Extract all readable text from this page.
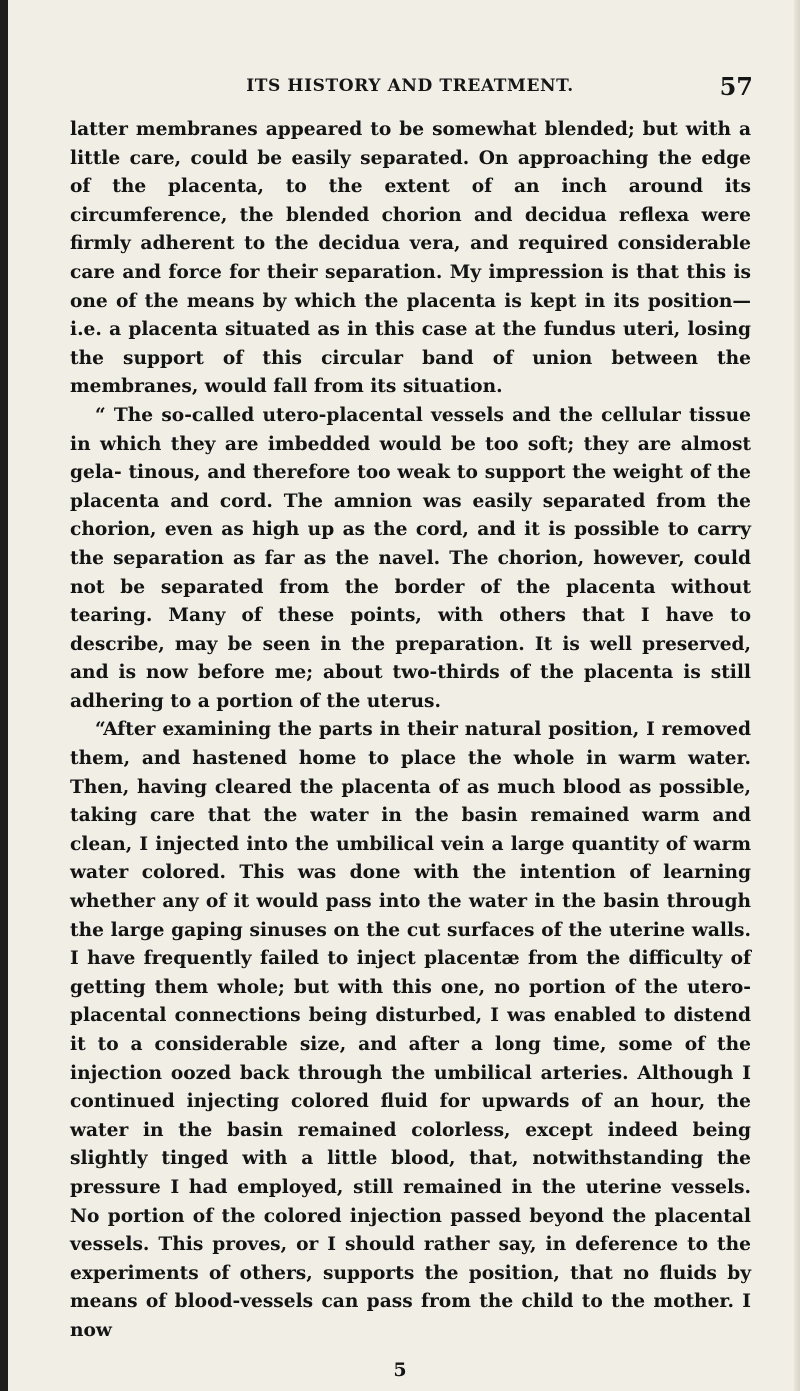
ITS HISTORY AND TREATMENT.	57

latter membranes appeared to be somewhat blended; but with a little care, could be easily separated. On approaching the edge of the placenta, to the extent of an inch around its circumference, the blended chorion and decidua reflexa were firmly adherent to the decidua vera, and required considerable care and force for their separation. My impression is that this is one of the means by which the placenta is kept in its position—i.e. a placenta situated as in this case at the fundus uteri, losing the support of this circular band of union between the membranes, would fall from its situation.

“ The so-called utero-placental vessels and the cellular tissue in which they are imbedded would be too soft; they are almost gela- tinous, and therefore too weak to support the weight of the placenta and cord. The amnion was easily separated from the chorion, even as high up as the cord, and it is possible to carry the separation as far as the navel. The chorion, however, could not be separated from the border of the placenta without tearing. Many of these points, with others that I have to describe, may be seen in the preparation. It is well preserved, and is now before me; about two-thirds of the placenta is still adhering to a portion of the uterus.

“After examining the parts in their natural position, I removed them, and hastened home to place the whole in warm water. Then, having cleared the placenta of as much blood as possible, taking care that the water in the basin remained warm and clean, I injected into the umbilical vein a large quantity of warm water colored. This was done with the intention of learning whether any of it would pass into the water in the basin through the large gaping sinuses on the cut surfaces of the uterine walls. I have frequently failed to inject placentæ from the difficulty of getting them whole; but with this one, no portion of the utero-placental connections being disturbed, I was enabled to distend it to a considerable size, and after a long time, some of the injection oozed back through the umbilical arteries. Although I continued injecting colored fluid for upwards of an hour, the water in the basin remained colorless, except indeed being slightly tinged with a little blood, that, notwithstanding the pressure I had employed, still remained in the uterine vessels. No portion of the colored injection passed beyond the placental vessels. This proves, or I should rather say, in deference to the experiments of others, supports the position, that no fluids by means of blood-vessels can pass from the child to the mother. I now

5
